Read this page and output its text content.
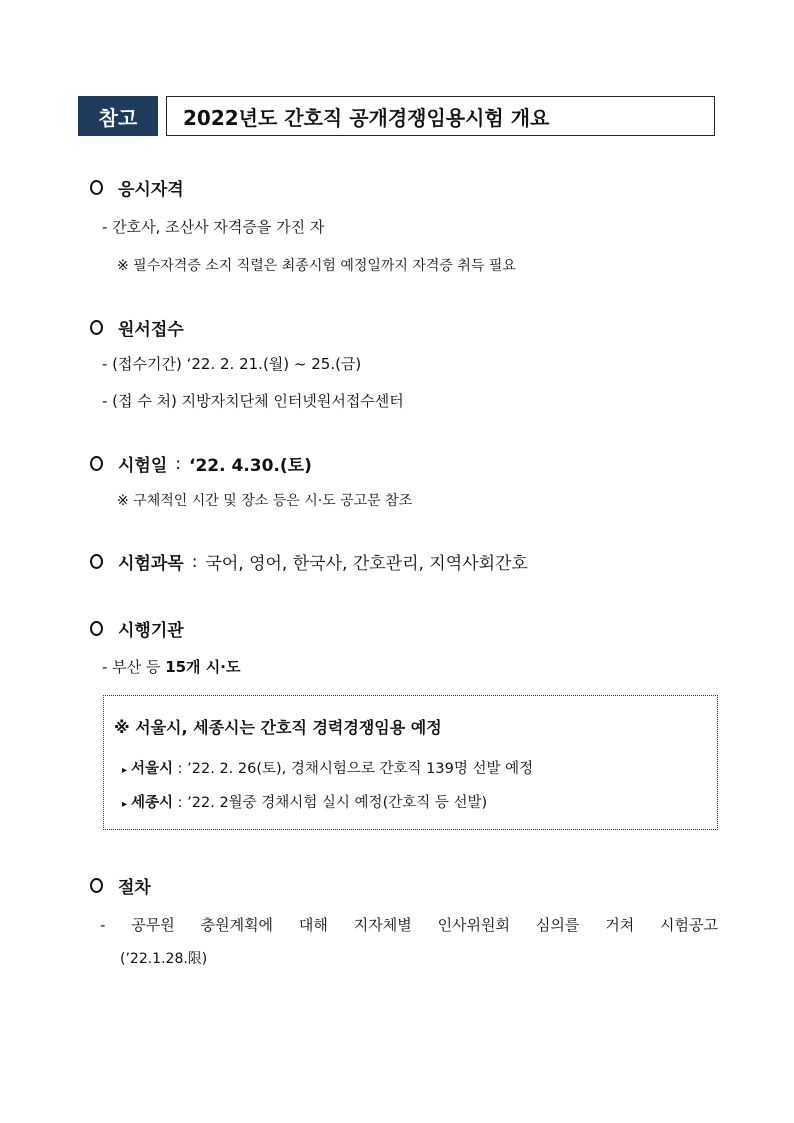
참고	2022년도 간호직 공개경쟁임용시험 개요
응시자격
- 간호사, 조산사 자격증을 가진 자
※ 필수자격증 소지 직렬은 최종시험 예정일까지 자격증 취득 필요
원서접수
- (접수기간) ‘22. 2. 21.(월) ~ 25.(금)
- (접 수 처) 지방자치단체 인터넷원서접수센터
시험일 : ‘22. 4.30.(토)
※ 구체적인 시간 및 장소 등은 시·도 공고문 참조
시험과목 : 국어, 영어, 한국사, 간호관리, 지역사회간호
시행기관
- 부산 등 15개 시·도
※ 서울시, 세종시는 간호직 경력경쟁임용 예정
▸ 서울시 : ’22. 2. 26(토), 경채시험으로 간호직 139명 선발 예정
▸ 세종시 : ’22. 2월중 경채시험 실시 예정(간호직 등 선발)
절차
- 공무원 충원계획에 대해 지자체별 인사위원회 심의를 거쳐 시험공고
(’22.1.28.限)
